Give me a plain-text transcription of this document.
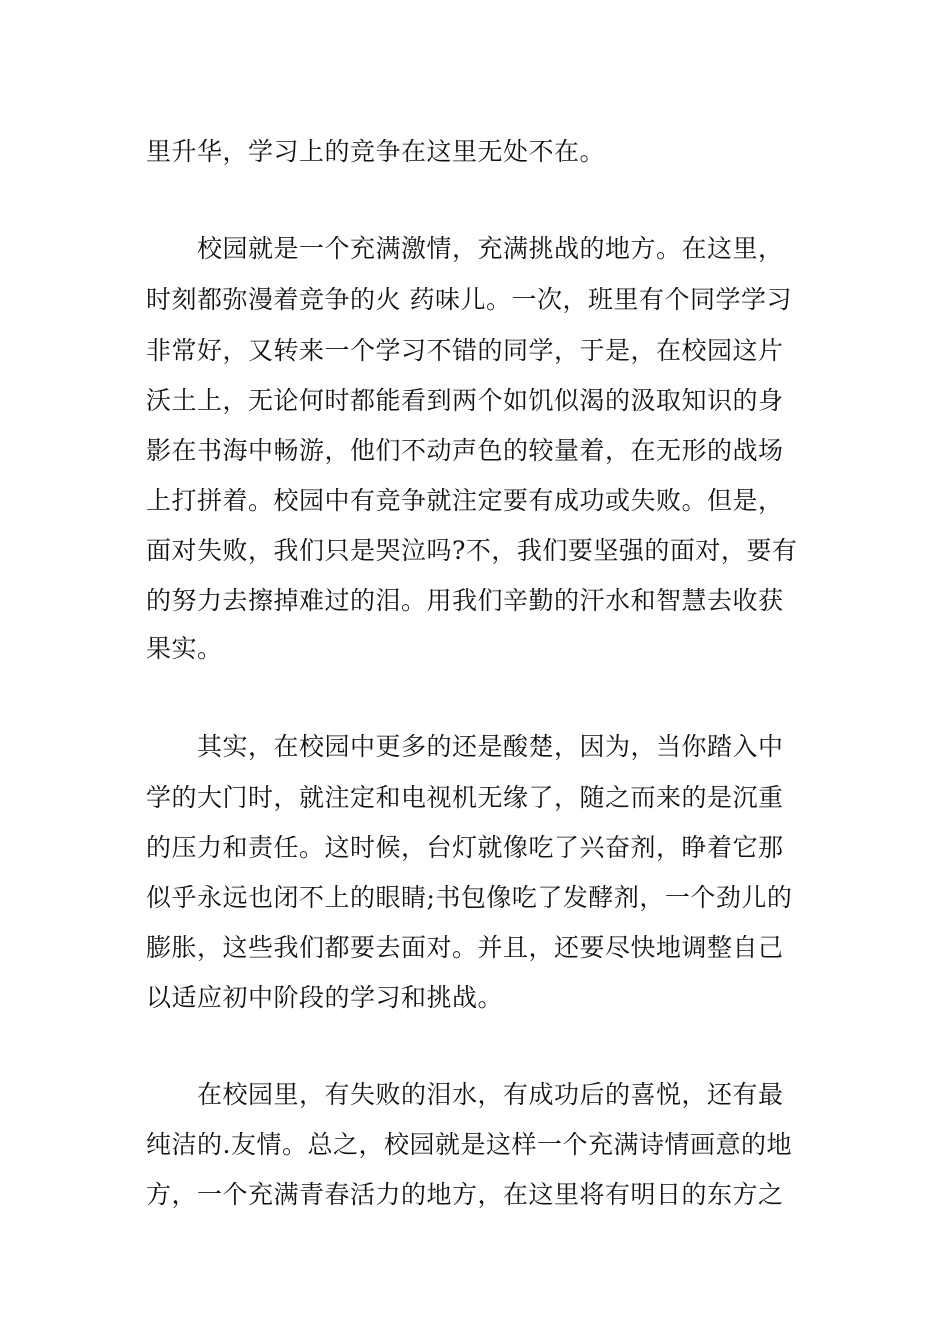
里升华，学习上的竞争在这里无处不在。
校园就是一个充满激情，充满挑战的地方。在这里，
时刻都弥漫着竞争的火 药味儿。一次，班里有个同学学习
非常好，又转来一个学习不错的同学，于是，在校园这片
沃土上，无论何时都能看到两个如饥似渴的汲取知识的身
影在书海中畅游，他们不动声色的较量着，在无形的战场
上打拼着。校园中有竞争就注定要有成功或失败。但是，
面对失败，我们只是哭泣吗?不，我们要坚强的面对，要有
的努力去擦掉难过的泪。用我们辛勤的汗水和智慧去收获
果实。
其实，在校园中更多的还是酸楚，因为，当你踏入中
学的大门时，就注定和电视机无缘了，随之而来的是沉重
的压力和责任。这时候，台灯就像吃了兴奋剂，睁着它那
似乎永远也闭不上的眼睛;书包像吃了发酵剂，一个劲儿的
膨胀，这些我们都要去面对。并且，还要尽快地调整自己
以适应初中阶段的学习和挑战。
在校园里，有失败的泪水，有成功后的喜悦，还有最
纯洁的.友情。总之，校园就是这样一个充满诗情画意的地
方，一个充满青春活力的地方，在这里将有明日的东方之
